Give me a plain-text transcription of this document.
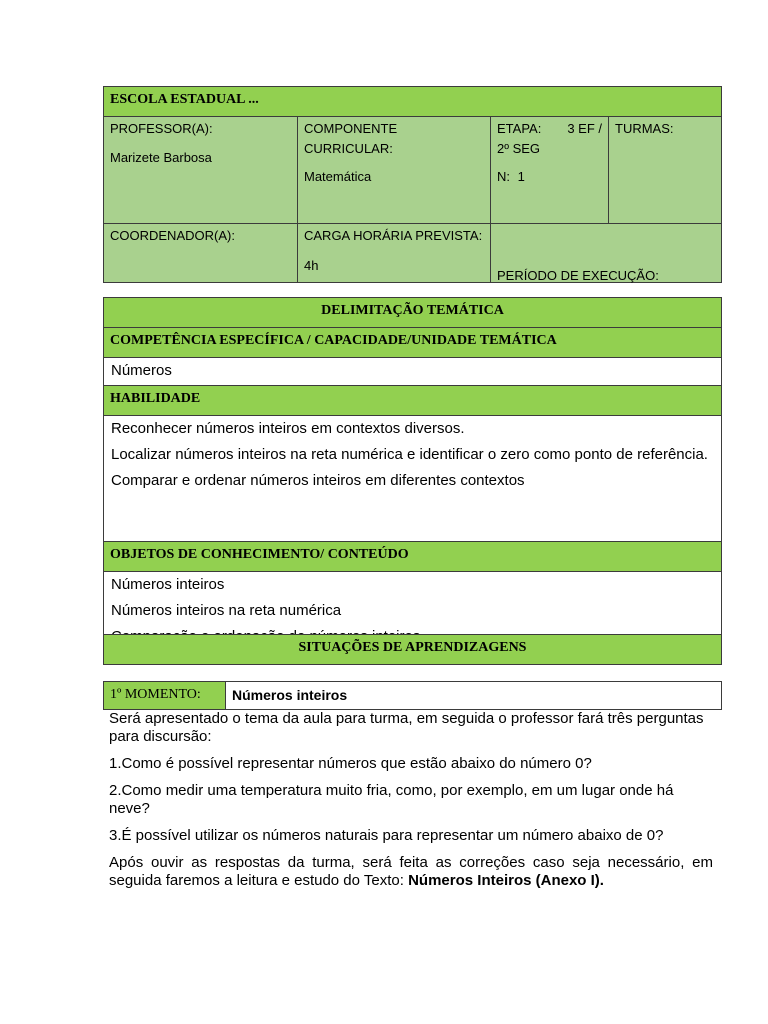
ESCOLA ESTADUAL ...
PROFESSOR(A):
Marizete Barbosa
COMPONENTE
CURRICULAR:
Matemática
ETAPA: 3 EF /
2º SEG
N: 1
TURMAS:
COORDENADOR(A):	CARGA HORÁRIA PREVISTA:
4h

PERÍODO DE EXECUÇÃO:

DELIMITAÇÃO TEMÁTICA
COMPETÊNCIA ESPECÍFICA / CAPACIDADE/UNIDADE TEMÁTICA
Números
HABILIDADE

Reconhecer números inteiros em contextos diversos.

Localizar números inteiros na reta numérica e identificar o zero como ponto de referência.

Comparar e ordenar números inteiros em diferentes contextos

OBJETOS DE CONHECIMENTO/ CONTEÚDO

Números inteiros

Números inteiros na reta numérica

SITUAÇÕES DE APRENDIZAGENS
1º MOMENTO:	Números inteiros

Será apresentado o tema da aula para turma, em seguida o professor fará três perguntas para discursão:

1.Como é possível representar números que estão abaixo do número 0?

2.Como medir uma temperatura muito fria, como, por exemplo, em um lugar onde há neve?

3.É possível utilizar os números naturais para representar um número abaixo de 0?

Após ouvir as respostas da turma, será feita as correções caso seja necessário, em seguida faremos a leitura e estudo do Texto: Números Inteiros (Anexo I).
